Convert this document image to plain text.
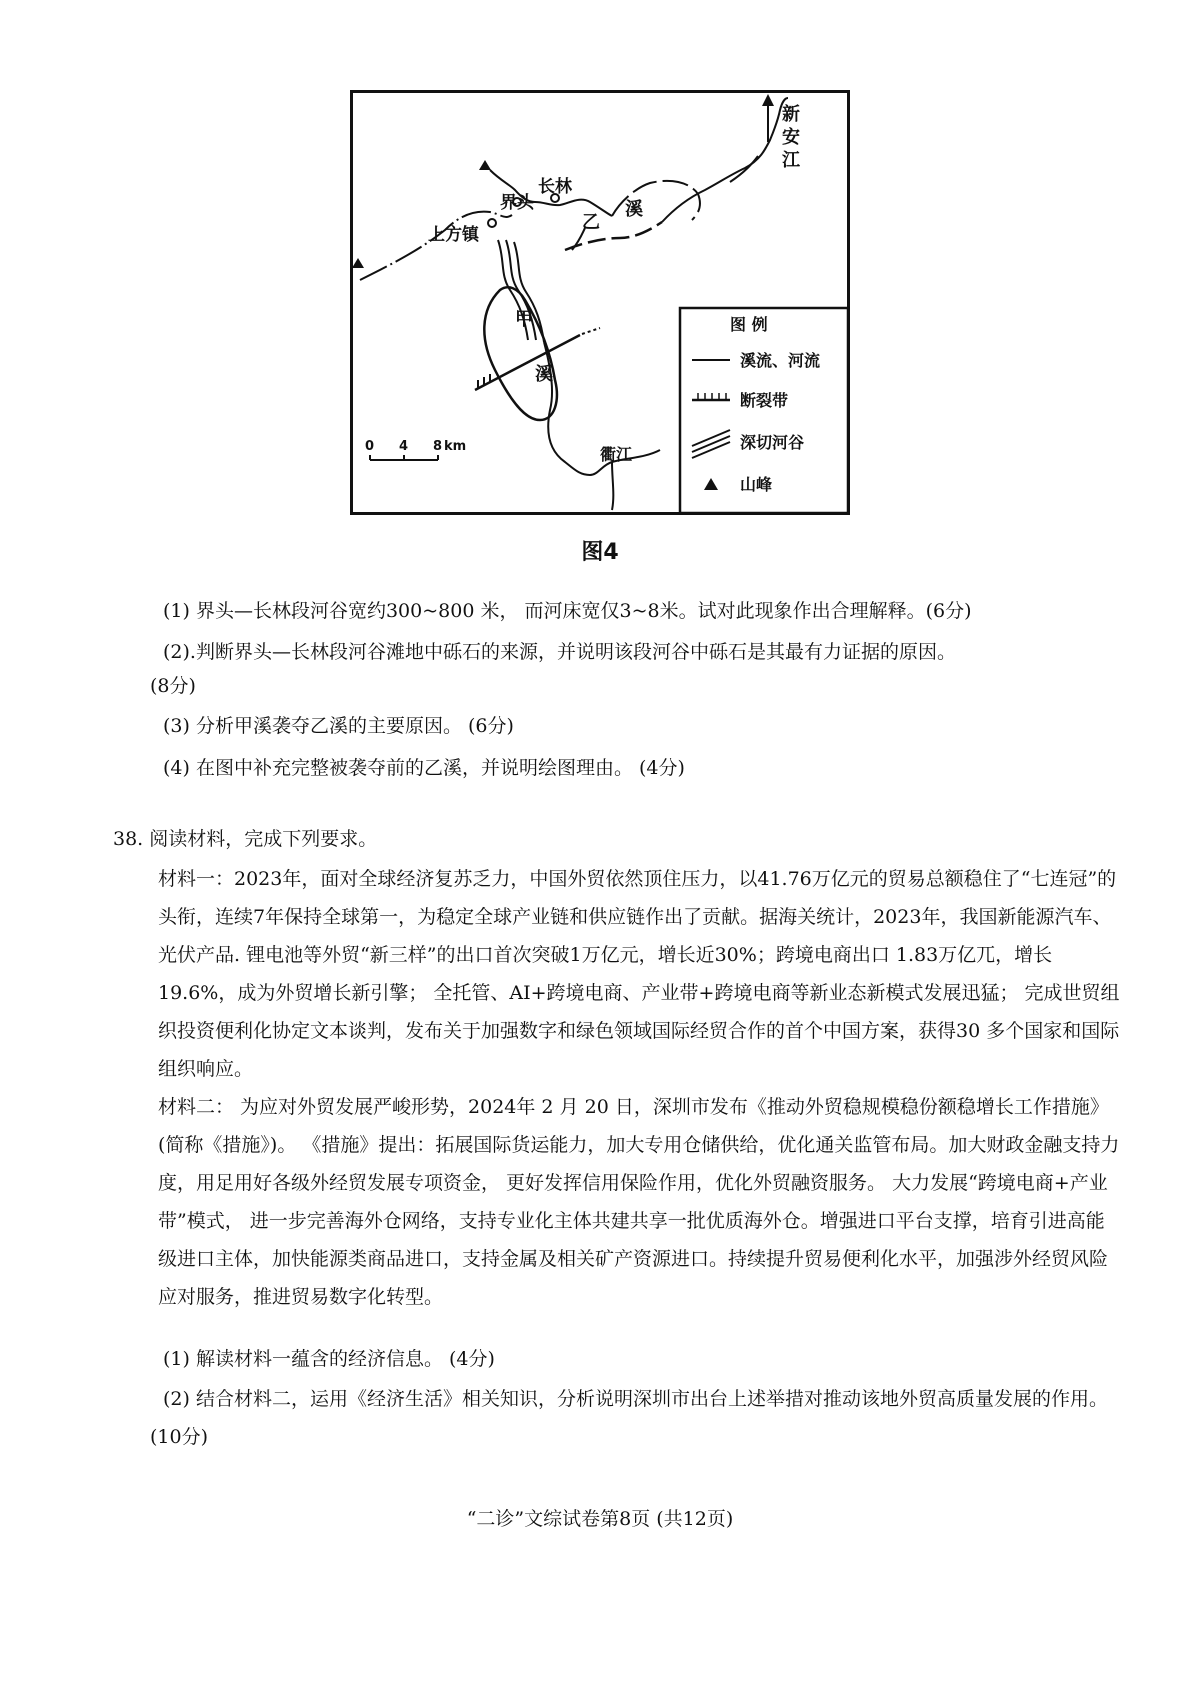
界头
长林
上方镇
乙
溪
甲
溪
新
安
江
衢江
0 4 8 km
图 例
溪流、河流
断裂带
深切河谷
山峰
图4
(1) 界头—长林段河谷宽约300~800 米， 而河床宽仅3~8米。试对此现象作出合理解释。(6分)
(2).判断界头—长林段河谷滩地中砾石的来源，并说明该段河谷中砾石是其最有力证据的原因。
(8分)
(3) 分析甲溪袭夺乙溪的主要原因。 (6分)
(4) 在图中补充完整被袭夺前的乙溪，并说明绘图理由。 (4分)
38. 阅读材料，完成下列要求。
材料一：2023年，面对全球经济复苏乏力，中国外贸依然顶住压力，以41.76万亿元的贸易总额稳住了“七连冠”的头衔，连续7年保持全球第一，为稳定全球产业链和供应链作出了贡献。据海关统计，2023年，我国新能源汽车、光伏产品. 锂电池等外贸“新三样”的出口首次突破1万亿元，增长近30%；跨境电商出口 1.83万亿兀，增长 19.6%，成为外贸增长新引擎； 全托管、AI+跨境电商、产业带+跨境电商等新业态新模式发展迅猛； 完成世贸组织投资便利化协定文本谈判，发布关于加强数字和绿色领域国际经贸合作的首个中国方案，获得30 多个国家和国际组织响应。
材料二： 为应对外贸发展严峻形势，2024年 2 月 20 日，深圳市发布《推动外贸稳规模稳份额稳增长工作措施》 (简称《措施》)。 《措施》提出：拓展国际货运能力，加大专用仓储供给，优化通关监管布局。加大财政金融支持力度，用足用好各级外经贸发展专项资金， 更好发挥信用保险作用，优化外贸融资服务。 大力发展“跨境电商+产业带”模式， 进一步完善海外仓网络，支持专业化主体共建共享一批优质海外仓。增强进口平台支撑，培育引进高能级进口主体，加快能源类商品进口，支持金属及相关矿产资源进口。持续提升贸易便利化水平，加强涉外经贸风险应对服务，推进贸易数字化转型。
(1) 解读材料一蕴含的经济信息。 (4分)
(2) 结合材料二，运用《经济生活》相关知识，分析说明深圳市出台上述举措对推动该地外贸高质量发展的作用。 (10分)
“二诊”文综试卷第8页 (共12页)
